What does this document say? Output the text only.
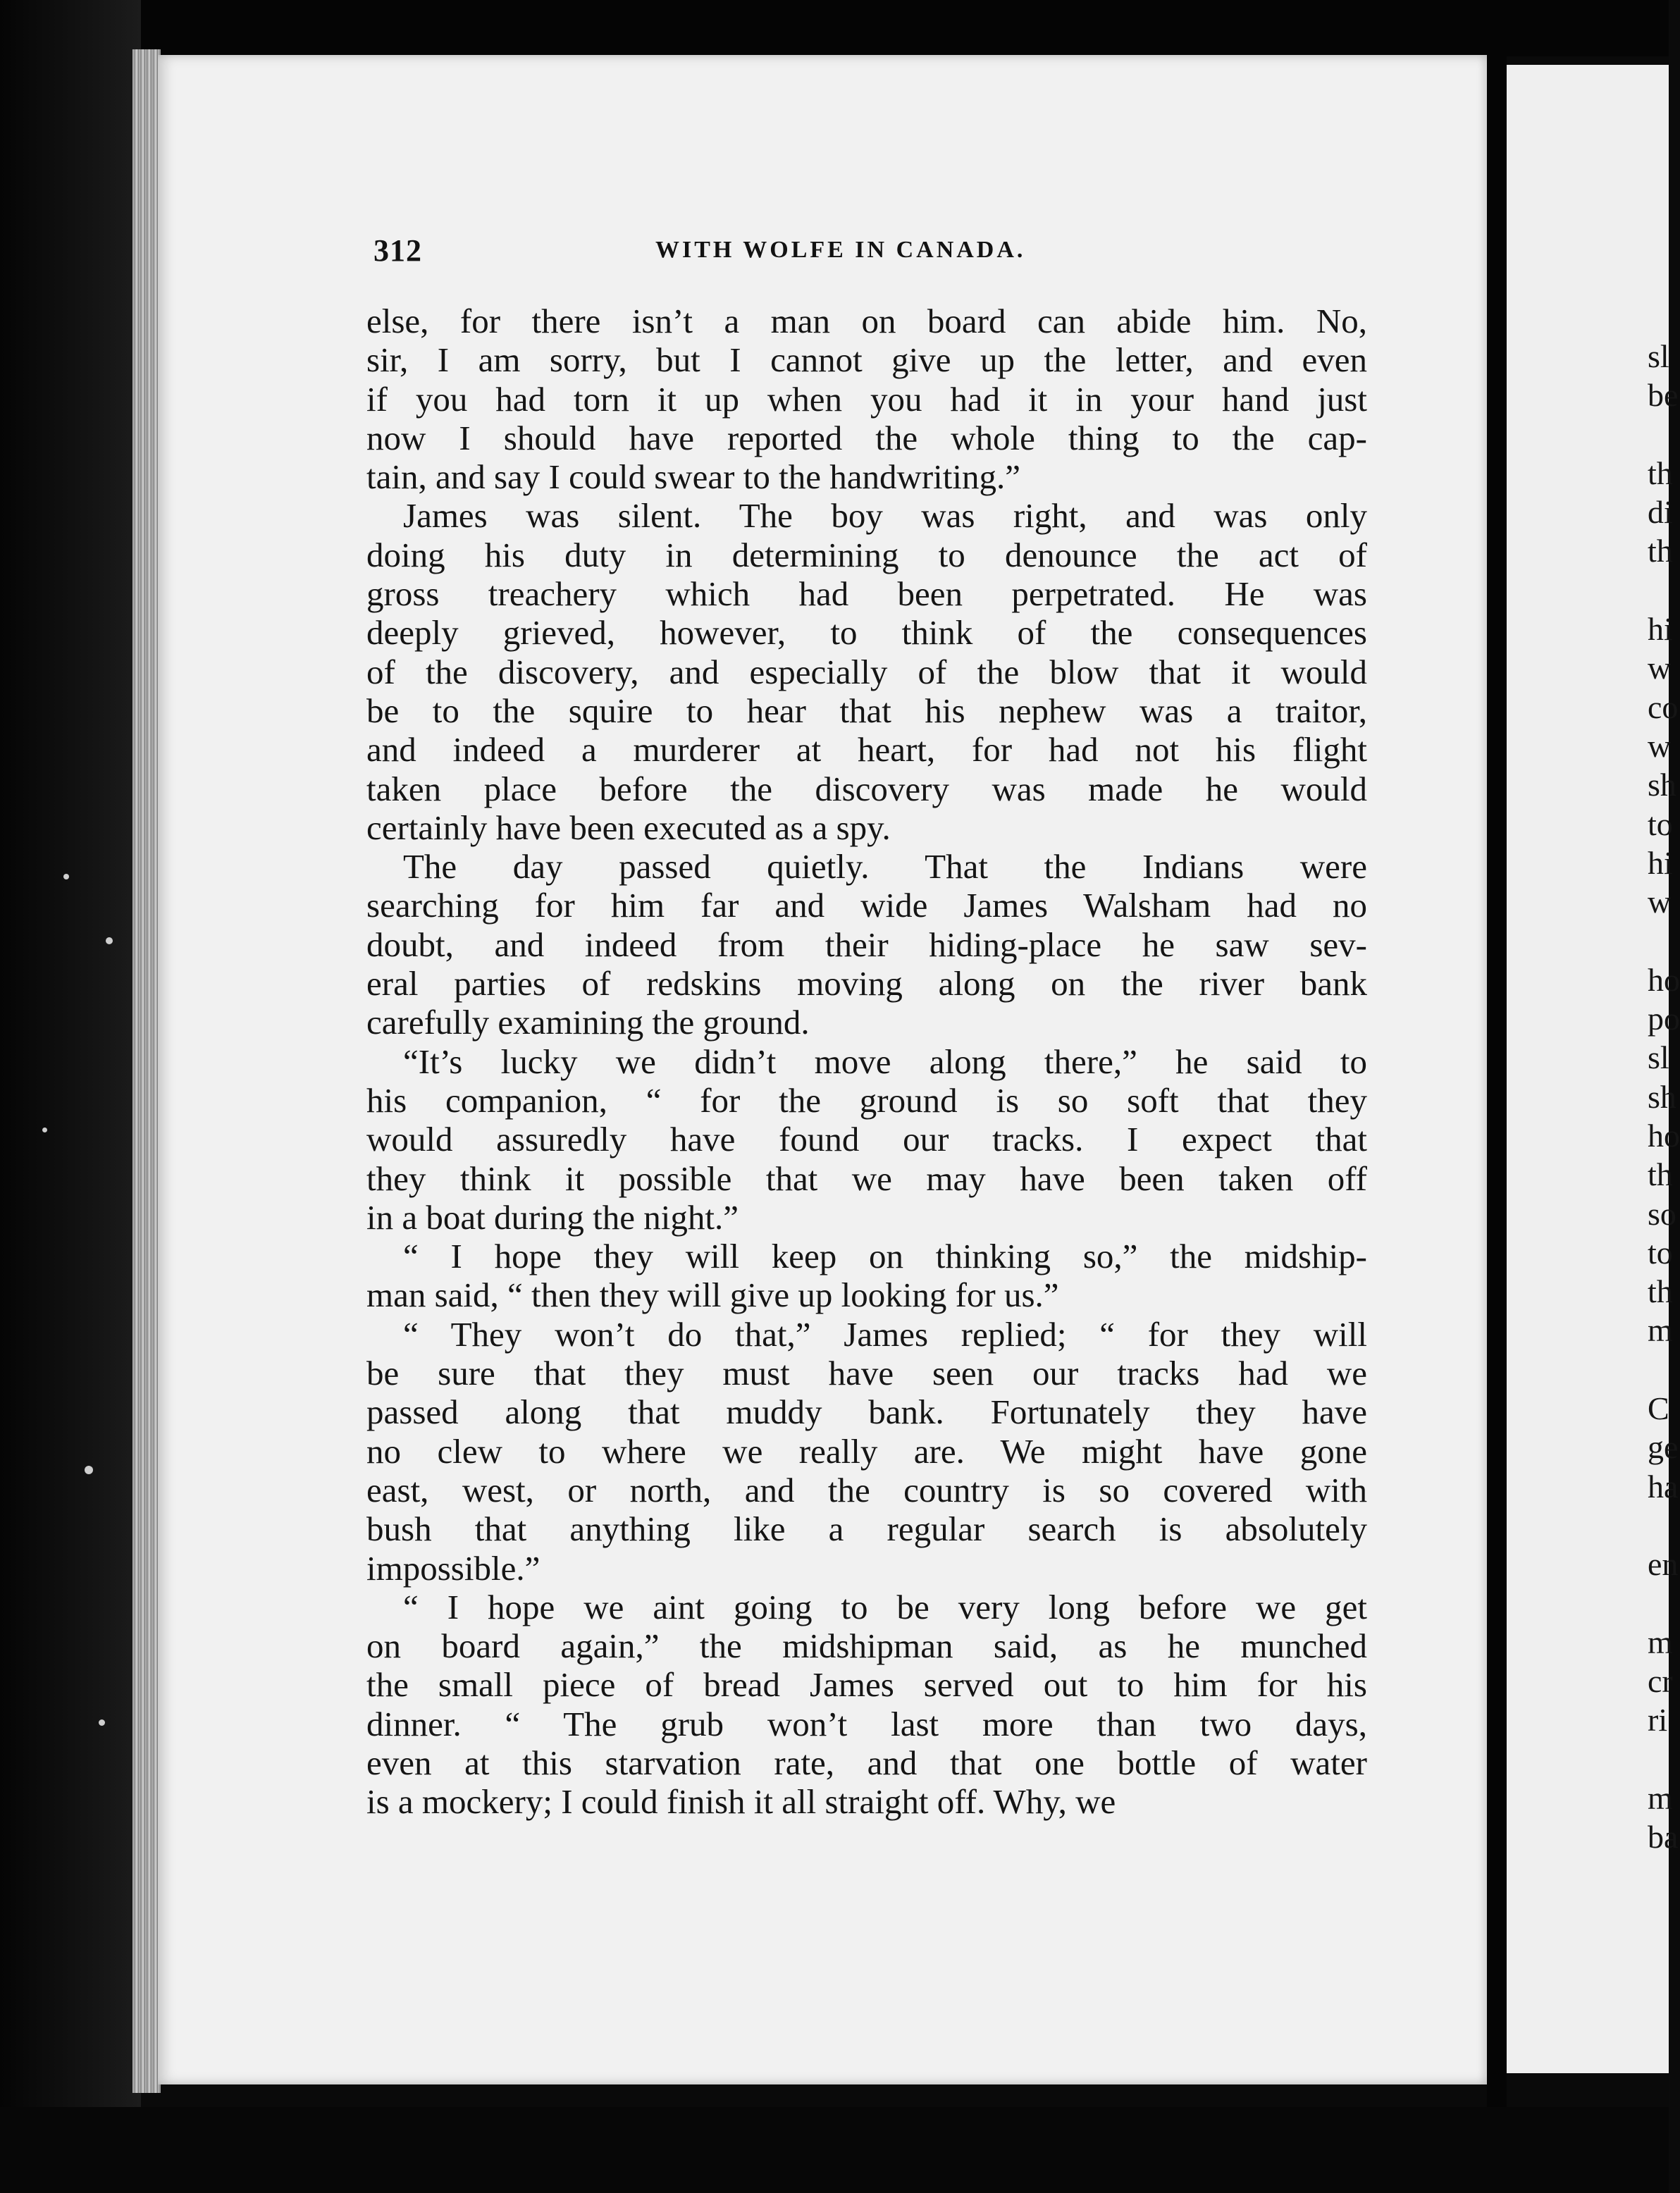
312	WITH WOLFE IN CANADA.
else, for there isn’t a man on board can abide him. No,
sir, I am sorry, but I cannot give up the letter, and even
if you had torn it up when you had it in your hand just
now I should have reported the whole thing to the cap-
tain, and say I could swear to the handwriting.”
James was silent. The boy was right, and was only
doing his duty in determining to denounce the act of
gross treachery which had been perpetrated. He was
deeply grieved, however, to think of the consequences
of the discovery, and especially of the blow that it would
be to the squire to hear that his nephew was a traitor,
and indeed a murderer at heart, for had not his flight
taken place before the discovery was made he would
certainly have been executed as a spy.
The day passed quietly. That the Indians were
searching for him far and wide James Walsham had no
doubt, and indeed from their hiding-place he saw sev-
eral parties of redskins moving along on the river bank
carefully examining the ground.
“It’s lucky we didn’t move along there,” he said to
his companion, “ for the ground is so soft that they
would assuredly have found our tracks. I expect that
they think it possible that we may have been taken off
in a boat during the night.”
“ I hope they will keep on thinking so,” the midship-
man said, “ then they will give up looking for us.”
“ They won’t do that,” James replied; “ for they will
be sure that they must have seen our tracks had we
passed along that muddy bank. Fortunately they have
no clew to where we really are. We might have gone
east, west, or north, and the country is so covered with
bush that anything like a regular search is absolutely
impossible.”
“ I hope we aint going to be very long before we get
on board again,” the midshipman said, as he munched
the small piece of bread James served out to him for his
dinner. “ The grub won’t last more than two days,
even at this starvation rate, and that one bottle of water
is a mockery; I could finish it all straight off. Why, we
sl
be
th
di
th
hi
w
co
w
sh
to
hi
w
ho
po
sl
sh
ho
th
so
to
th
m
C
ge
ha
en
m
cr
ri
m
ba
